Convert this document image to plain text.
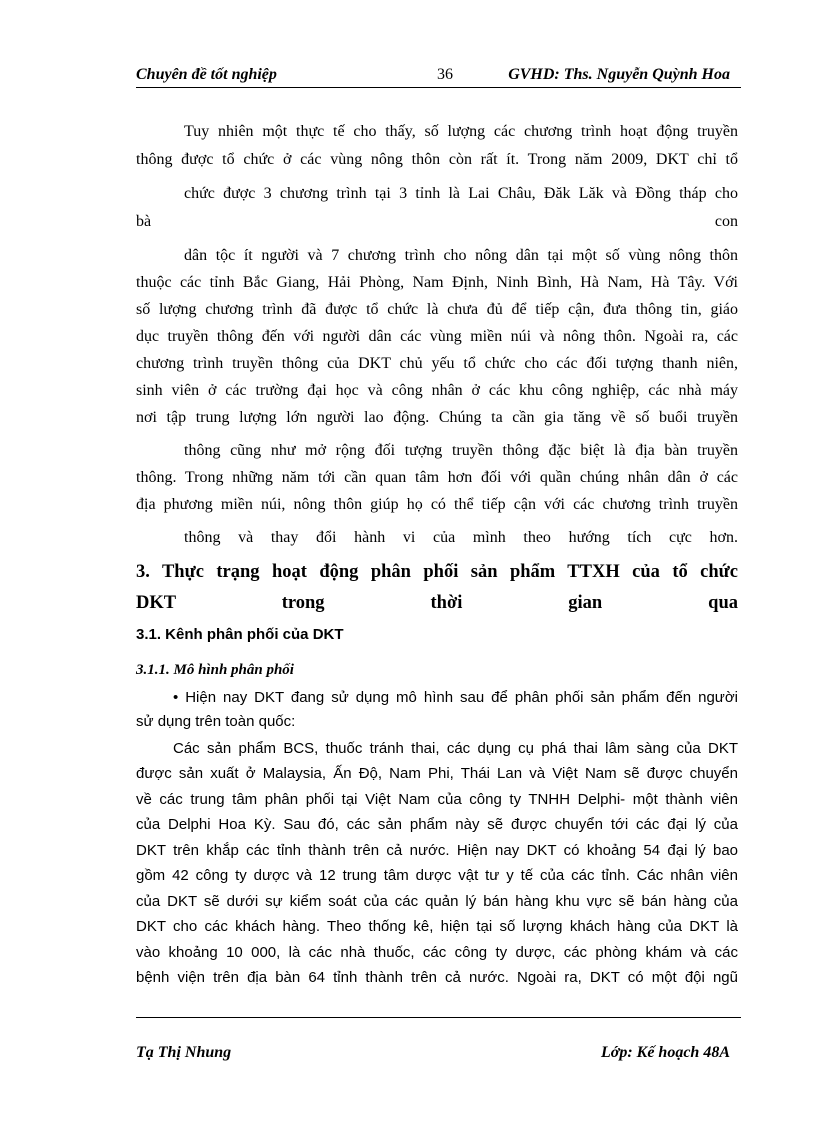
Chuyên đề tốt nghiệp	36	GVHD: Ths. Nguyễn Quỳnh Hoa
Tuy nhiên một thực tế cho thấy, số lượng các chương trình hoạt động truyền
thông được tổ chức ở các vùng nông thôn còn rất ít. Trong năm 2009, DKT chỉ tổ
chức được 3 chương trình tại 3 tỉnh là Lai Châu, Đăk Lăk và Đồng tháp cho
bà	con
dân tộc ít người và 7 chương trình cho nông dân tại một số vùng nông thôn
thuộc các tỉnh Bắc Giang, Hải Phòng, Nam Định, Ninh Bình, Hà Nam, Hà Tây. Với
số lượng chương trình đã được tổ chức là chưa đủ để tiếp cận, đưa thông tin, giáo
dục truyền thông đến với người dân các vùng miền núi và nông thôn. Ngoài ra, các
chương trình truyền thông của DKT chủ yếu tổ chức cho các đối tượng thanh niên,
sinh viên ở các trường đại học và công nhân ở các khu công nghiệp, các nhà máy
nơi tập trung lượng lớn người lao động. Chúng ta cần gia tăng về số buổi truyền
thông cũng như mở rộng đối tượng truyền thông đặc biệt là địa bàn truyền
thông. Trong những năm tới cần quan tâm hơn đối với quần chúng nhân dân ở các
địa phương miền núi, nông thôn giúp họ có thể tiếp cận với các chương trình truyền
thông và thay đổi hành vi của mình theo hướng tích cực hơn.
3. Thực trạng hoạt động phân phối sản phẩm TTXH của tổ chức
DKT trong thời gian qua
3.1. Kênh phân phối của DKT
3.1.1. Mô hình phân phối
• Hiện nay DKT đang sử dụng mô hình sau để phân phối sản phẩm đến người
sử dụng trên toàn quốc:
Các sản phẩm BCS, thuốc tránh thai, các dụng cụ phá thai lâm sàng của DKT
được sản xuất ở Malaysia, Ấn Độ, Nam Phi, Thái Lan và Việt Nam sẽ được chuyển
về các trung tâm phân phối tại Việt Nam của công ty TNHH Delphi- một thành viên
của Delphi Hoa Kỳ. Sau đó, các sản phẩm này sẽ được chuyển tới các đại lý của
DKT trên khắp các tỉnh thành trên cả nước. Hiện nay DKT có khoảng 54 đại lý bao
gồm 42 công ty dược và 12 trung tâm dược vật tư y tế của các tỉnh. Các nhân viên
của DKT sẽ dưới sự kiểm soát của các quản lý bán hàng khu vực sẽ bán hàng của
DKT cho các khách hàng. Theo thống kê, hiện tại số lượng khách hàng của DKT là
vào khoảng 10 000, là các nhà thuốc, các công ty dược, các phòng khám và các
bệnh viện trên địa bàn 64 tỉnh thành trên cả nước. Ngoài ra, DKT có một đội ngũ
Tạ Thị Nhung	Lớp: Kế hoạch 48A
